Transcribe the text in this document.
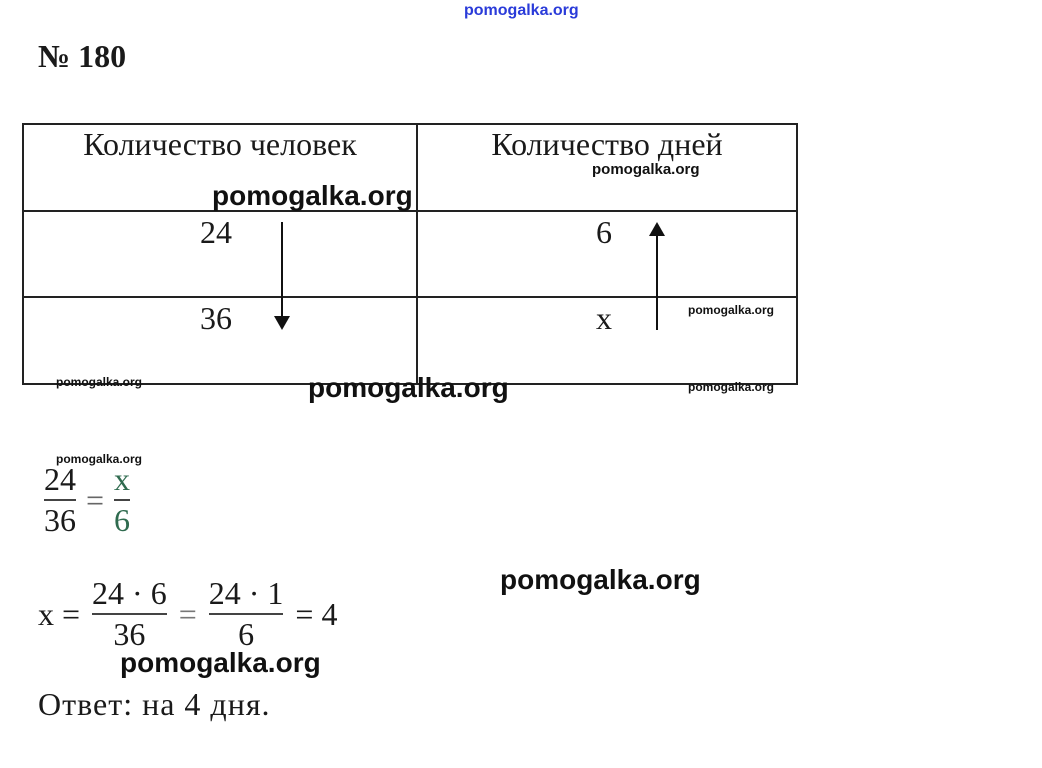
pomogalka.org
№ 180
Количество человек	Количество дней
24	6
36	x
$\frac{24}{36} = \frac{x}{6}$
$x = \frac{24 \cdot 6}{36} = \frac{24 \cdot 1}{6} = 4$
Ответ: на 4 дня.
pomogalka.org
pomogalka.org
pomogalka.org
pomogalka.org	pomogalka.org	pomogalka.org
pomogalka.org
pomogalka.org
pomogalka.org
